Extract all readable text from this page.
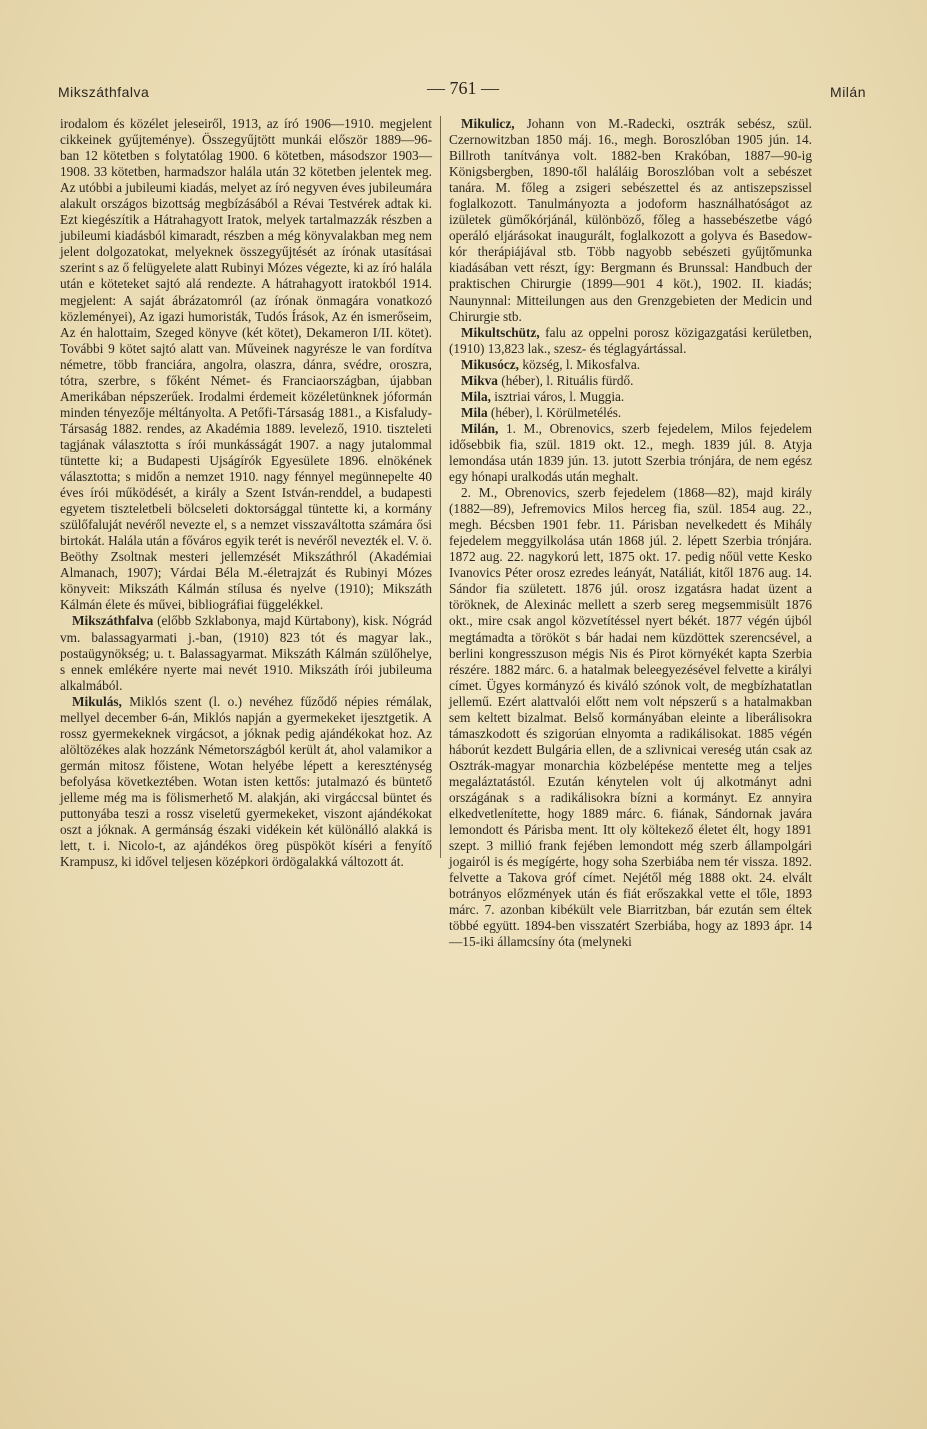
Mikszáthfalva	— 761 —	Milán

irodalom és közélet jeleseiről, 1913, az író 1906—1910. megjelent cikkeinek gyűjteménye). Összegyűjtött munkái először 1889—96-ban 12 kötetben s folytatólag 1900. 6 kötetben, másodszor 1903—1908. 33 kötetben, harmadszor halála után 32 kötetben jelentek meg. Az utóbbi a jubileumi kiadás, melyet az író negyven éves jubileumára alakult országos bizottság megbízásából a Révai Testvérek adtak ki. Ezt kiegészítik a Hátrahagyott Iratok, melyek tartalmazzák részben a jubileumi kiadásból kimaradt, részben a még könyvalakban meg nem jelent dolgozatokat, melyeknek összegyűjtését az írónak utasításai szerint s az ő felügyelete alatt Rubinyi Mózes végezte, ki az író halála után e köteteket sajtó alá rendezte. A hátrahagyott iratokból 1914. megjelent: A saját ábrázatomról (az írónak önmagára vonatkozó közleményei), Az igazi humoristák, Tudós Írások, Az én ismerőseim, Az én halottaim, Szeged könyve (két kötet), Dekameron I/II. kötet). További 9 kötet sajtó alatt van. Műveinek nagyrésze le van fordítva németre, több franciára, angolra, olaszra, dánra, svédre, oroszra, tótra, szerbre, s főként Német- és Franciaországban, újabban Amerikában népszerűek. Irodalmi érdemeit közéletünknek jóformán minden tényezője méltányolta. A Petőfi-Társaság 1881., a Kisfaludy-Társaság 1882. rendes, az Akadémia 1889. levelező, 1910. tiszteleti tagjának választotta s írói munkásságát 1907. a nagy jutalommal tüntette ki; a Budapesti Ujságírók Egyesülete 1896. elnökének választotta; s midőn a nemzet 1910. nagy fénnyel megünnepelte 40 éves írói működését, a király a Szent István-renddel, a budapesti egyetem tiszteletbeli bölcseleti doktorsággal tüntette ki, a kormány szülőfaluját nevéről nevezte el, s a nemzet visszaváltotta számára ősi birtokát. Halála után a főváros egyik terét is nevéről nevezték el. V. ö. Beöthy Zsoltnak mesteri jellemzését Mikszáthról (Akadémiai Almanach, 1907); Várdai Béla M.-életrajzát és Rubinyi Mózes könyveit: Mikszáth Kálmán stílusa és nyelve (1910); Mikszáth Kálmán élete és művei, bibliográfiai függelékkel.

Mikszáthfalva (előbb Szklabonya, majd Kürtabony), kisk. Nógrád vm. balassagyarmati j.-ban, (1910) 823 tót és magyar lak., postaügynökség; u. t. Balassagyarmat. Mikszáth Kálmán szülőhelye, s ennek emlékére nyerte mai nevét 1910. Mikszáth írói jubileuma alkalmából.

Mikulás, Miklós szent (l. o.) nevéhez fűződő népies rémálak, mellyel december 6-án, Miklós napján a gyermekeket ijesztgetik. A rossz gyermekeknek virgácsot, a jóknak pedig ajándékokat hoz. Az alöltözékes alak hozzánk Németországból került át, ahol valamikor a germán mitosz főistene, Wotan helyébe lépett a kereszténység befolyása következtében. Wotan isten kettős: jutalmazó és büntető jelleme még ma is fölismerhető M. alakján, aki virgáccsal büntet és puttonyába teszi a rossz viseletű gyermekeket, viszont ajándékokat oszt a jóknak. A germánság északi vidékein két különálló alakká is lett, t. i. Nicolo-t, az ajándékos öreg püspököt kíséri a fenyítő Krampusz, ki idővel teljesen középkori ördögalakká változott át.

Mikulicz, Johann von M.-Radecki, osztrák sebész, szül. Czernowitzban 1850 máj. 16., megh. Boroszlóban 1905 jún. 14. Billroth tanítványa volt. 1882-ben Krakóban, 1887—90-ig Königsbergben, 1890-től haláláig Boroszlóban volt a sebészet tanára. M. főleg a zsigeri sebészettel és az antiszepszissel foglalkozott. Tanulmányozta a jodoform használhatóságot az izületek gümőkórjánál, különböző, főleg a hassebészetbe vágó operáló eljárásokat inaugurált, foglalkozott a golyva és Basedow-kór therápiájával stb. Több nagyobb sebészeti gyűjtőmunka kiadásában vett részt, így: Bergmann és Brunssal: Handbuch der praktischen Chirurgie (1899—901 4 köt.), 1902. II. kiadás; Naunynnal: Mitteilungen aus den Grenzgebieten der Medicin und Chirurgie stb.

Mikultschütz, falu az oppelni porosz közigazgatási kerületben, (1910) 13,823 lak., szesz- és téglagyártással.

Mikusócz, község, l. Mikosfalva.

Mikva (héber), l. Rituális fürdő.

Mila, isztriai város, l. Muggia.

Mila (héber), l. Körülmetélés.

Milán, 1. M., Obrenovics, szerb fejedelem, Milos fejedelem idősebbik fia, szül. 1819 okt. 12., megh. 1839 júl. 8. Atyja lemondása után 1839 jún. 13. jutott Szerbia trónjára, de nem egész egy hónapi uralkodás után meghalt.

2. M., Obrenovics, szerb fejedelem (1868—82), majd király (1882—89), Jefremovics Milos herceg fia, szül. 1854 aug. 22., megh. Bécsben 1901 febr. 11. Párisban nevelkedett és Mihály fejedelem meggyilkolása után 1868 júl. 2. lépett Szerbia trónjára. 1872 aug. 22. nagykorú lett, 1875 okt. 17. pedig nőül vette Kesko Ivanovics Péter orosz ezredes leányát, Natáliát, kitől 1876 aug. 14. Sándor fia született. 1876 júl. orosz izgatásra hadat üzent a töröknek, de Alexinác mellett a szerb sereg megsemmisült 1876 okt., mire csak angol közvetítéssel nyert békét. 1877 végén újból megtámadta a törököt s bár hadai nem küzdöttek szerencsével, a berlini kongresszuson mégis Nis és Pirot környékét kapta Szerbia részére. 1882 márc. 6. a hatalmak beleegyezésével felvette a királyi címet. Ügyes kormányzó és kiváló szónok volt, de megbízhatatlan jellemű. Ezért alattvalói előtt nem volt népszerű s a hatalmakban sem keltett bizalmat. Belső kormányában eleinte a liberálisokra támaszkodott és szigorúan elnyomta a radikálisokat. 1885 végén háborút kezdett Bulgária ellen, de a szlivnicai vereség után csak az Osztrák-magyar monarchia közbelépése mentette meg a teljes megaláztatástól. Ezután kénytelen volt új alkotmányt adni országának s a radikálisokra bízni a kormányt. Ez annyira elkedvetlenítette, hogy 1889 márc. 6. fiának, Sándornak javára lemondott és Párisba ment. Itt oly költekező életet élt, hogy 1891 szept. 3 millió frank fejében lemondott még szerb állampolgári jogairól is és megígérte, hogy soha Szerbiába nem tér vissza. 1892. felvette a Takova gróf címet. Nejétől még 1888 okt. 24. elvált botrányos előzmények után és fiát erőszakkal vette el tőle, 1893 márc. 7. azonban kibékült vele Biarritzban, bár ezután sem éltek többé együtt. 1894-ben visszatért Szerbiába, hogy az 1893 ápr. 14—15-iki államcsíny óta (melyneki
